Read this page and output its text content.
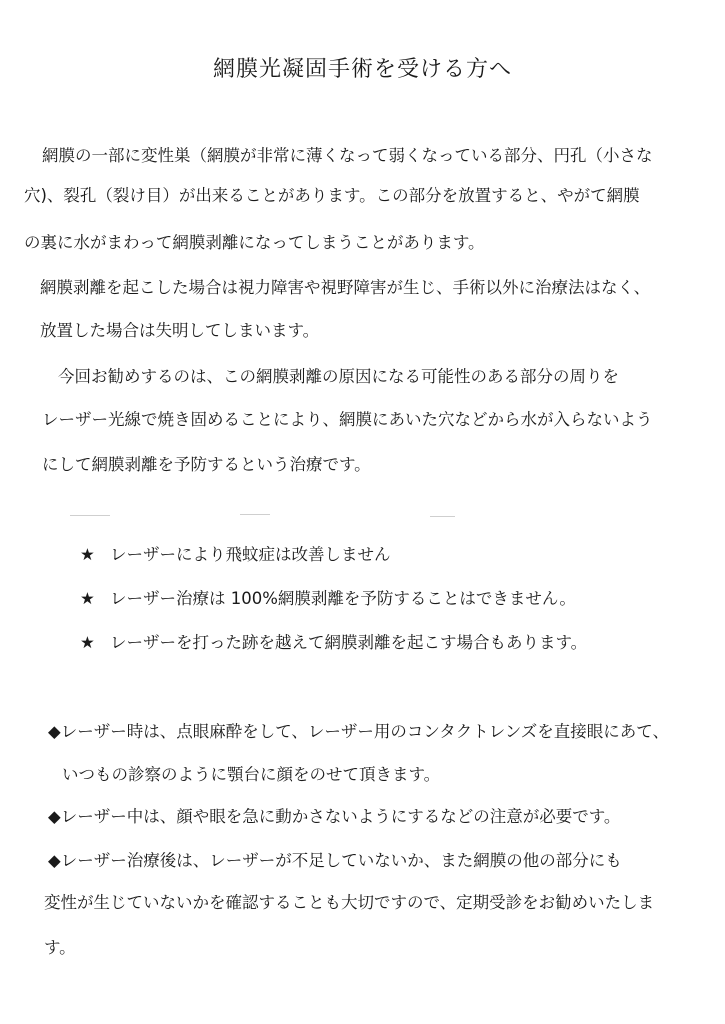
網膜光凝固手術を受ける方へ

網膜の一部に変性巣（網膜が非常に薄くなって弱くなっている部分、円孔（小さな

穴)、裂孔（裂け目）が出来ることがあります。この部分を放置すると、やがて網膜

の裏に水がまわって網膜剥離になってしまうことがあります。

網膜剥離を起こした場合は視力障害や視野障害が生じ、手術以外に治療法はなく、

放置した場合は失明してしまいます。

今回お勧めするのは、この網膜剥離の原因になる可能性のある部分の周りを

レーザー光線で焼き固めることにより、網膜にあいた穴などから水が入らないよう

にして網膜剥離を予防するという治療です。

★ レーザーにより飛蚊症は改善しません
★ レーザー治療は 100%網膜剥離を予防することはできません。
★ レーザーを打った跡を越えて網膜剥離を起こす場合もあります。

◆レーザー時は、点眼麻酔をして、レーザー用のコンタクトレンズを直接眼にあて、

いつもの診察のように顎台に顔をのせて頂きます。

◆レーザー中は、顔や眼を急に動かさないようにするなどの注意が必要です。

◆レーザー治療後は、レーザーが不足していないか、また網膜の他の部分にも

変性が生じていないかを確認することも大切ですので、定期受診をお勧めいたしま

す。
